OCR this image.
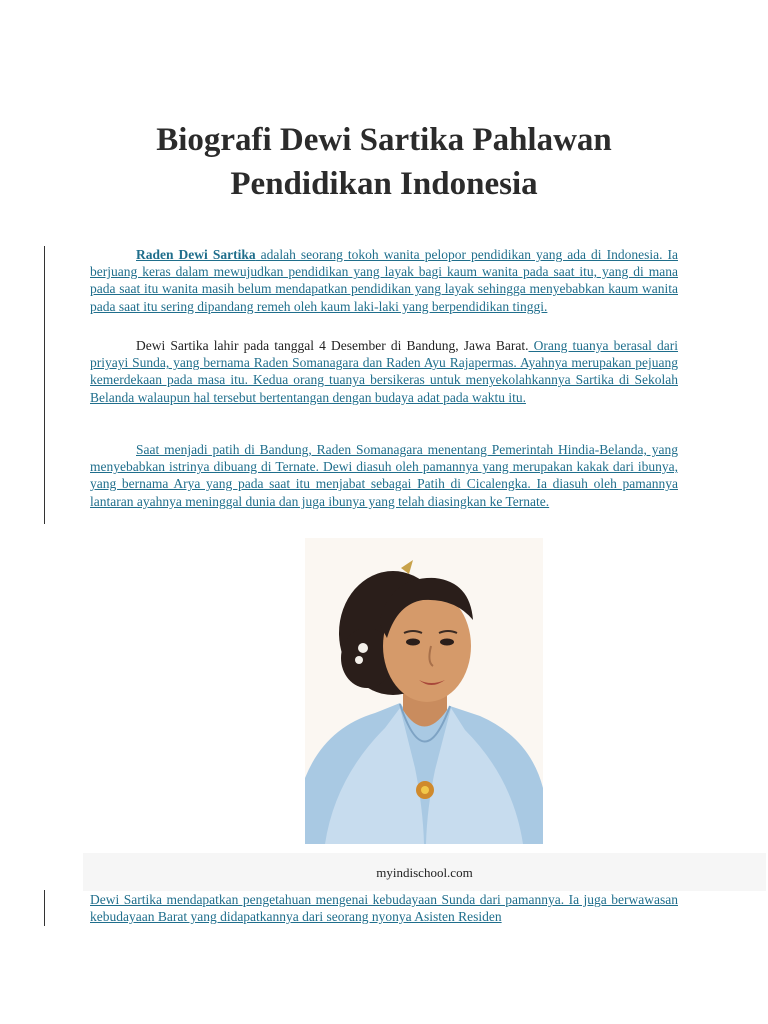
Biografi Dewi Sartika Pahlawan
Pendidikan Indonesia

Raden Dewi Sartika adalah seorang tokoh wanita pelopor pendidikan yang ada di Indonesia. Ia berjuang keras dalam mewujudkan pendidikan yang layak bagi kaum wanita pada saat itu, yang di mana pada saat itu wanita masih belum mendapatkan pendidikan yang layak sehingga menyebabkan kaum wanita pada saat itu sering dipandang remeh oleh kaum laki-laki yang berpendidikan tinggi.

Dewi Sartika lahir pada tanggal 4 Desember di Bandung, Jawa Barat. Orang tuanya berasal dari priyayi Sunda, yang bernama Raden Somanagara dan Raden Ayu Rajapermas. Ayahnya merupakan pejuang kemerdekaan pada masa itu. Kedua orang tuanya bersikeras untuk menyekolahkannya Sartika di Sekolah Belanda walaupun hal tersebut bertentangan dengan budaya adat pada waktu itu.

Saat menjadi patih di Bandung, Raden Somanagara menentang Pemerintah Hindia-Belanda, yang menyebabkan istrinya dibuang di Ternate. Dewi diasuh oleh pamannya yang merupakan kakak dari ibunya, yang bernama Arya yang pada saat itu menjabat sebagai Patih di Cicalengka. Ia diasuh oleh pamannya lantaran ayahnya meninggal dunia dan juga ibunya yang telah diasingkan ke Ternate.

myindischool.com

Dewi Sartika mendapatkan pengetahuan mengenai kebudayaan Sunda dari pamannya. Ia juga berwawasan kebudayaan Barat yang didapatkannya dari seorang nyonya Asisten Residen
